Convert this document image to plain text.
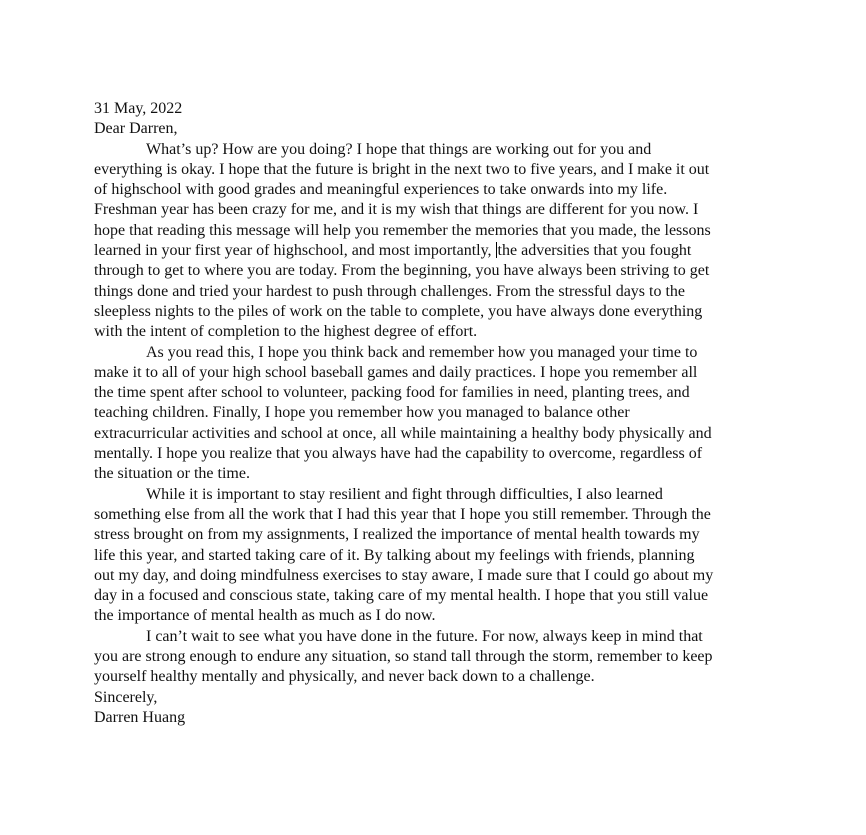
31 May, 2022
Dear Darren,
What’s up? How are you doing? I hope that things are working out for you and
everything is okay. I hope that the future is bright in the next two to five years, and I make it out
of highschool with good grades and meaningful experiences to take onwards into my life.
Freshman year has been crazy for me, and it is my wish that things are different for you now. I
hope that reading this message will help you remember the memories that you made, the lessons
learned in your first year of highschool, and most importantly, the adversities that you fought
through to get to where you are today. From the beginning, you have always been striving to get
things done and tried your hardest to push through challenges. From the stressful days to the
sleepless nights to the piles of work on the table to complete, you have always done everything
with the intent of completion to the highest degree of effort.
As you read this, I hope you think back and remember how you managed your time to
make it to all of your high school baseball games and daily practices. I hope you remember all
the time spent after school to volunteer, packing food for families in need, planting trees, and
teaching children. Finally, I hope you remember how you managed to balance other
extracurricular activities and school at once, all while maintaining a healthy body physically and
mentally. I hope you realize that you always have had the capability to overcome, regardless of
the situation or the time.
While it is important to stay resilient and fight through difficulties, I also learned
something else from all the work that I had this year that I hope you still remember. Through the
stress brought on from my assignments, I realized the importance of mental health towards my
life this year, and started taking care of it. By talking about my feelings with friends, planning
out my day, and doing mindfulness exercises to stay aware, I made sure that I could go about my
day in a focused and conscious state, taking care of my mental health. I hope that you still value
the importance of mental health as much as I do now.
I can’t wait to see what you have done in the future. For now, always keep in mind that
you are strong enough to endure any situation, so stand tall through the storm, remember to keep
yourself healthy mentally and physically, and never back down to a challenge.
Sincerely,
Darren Huang
